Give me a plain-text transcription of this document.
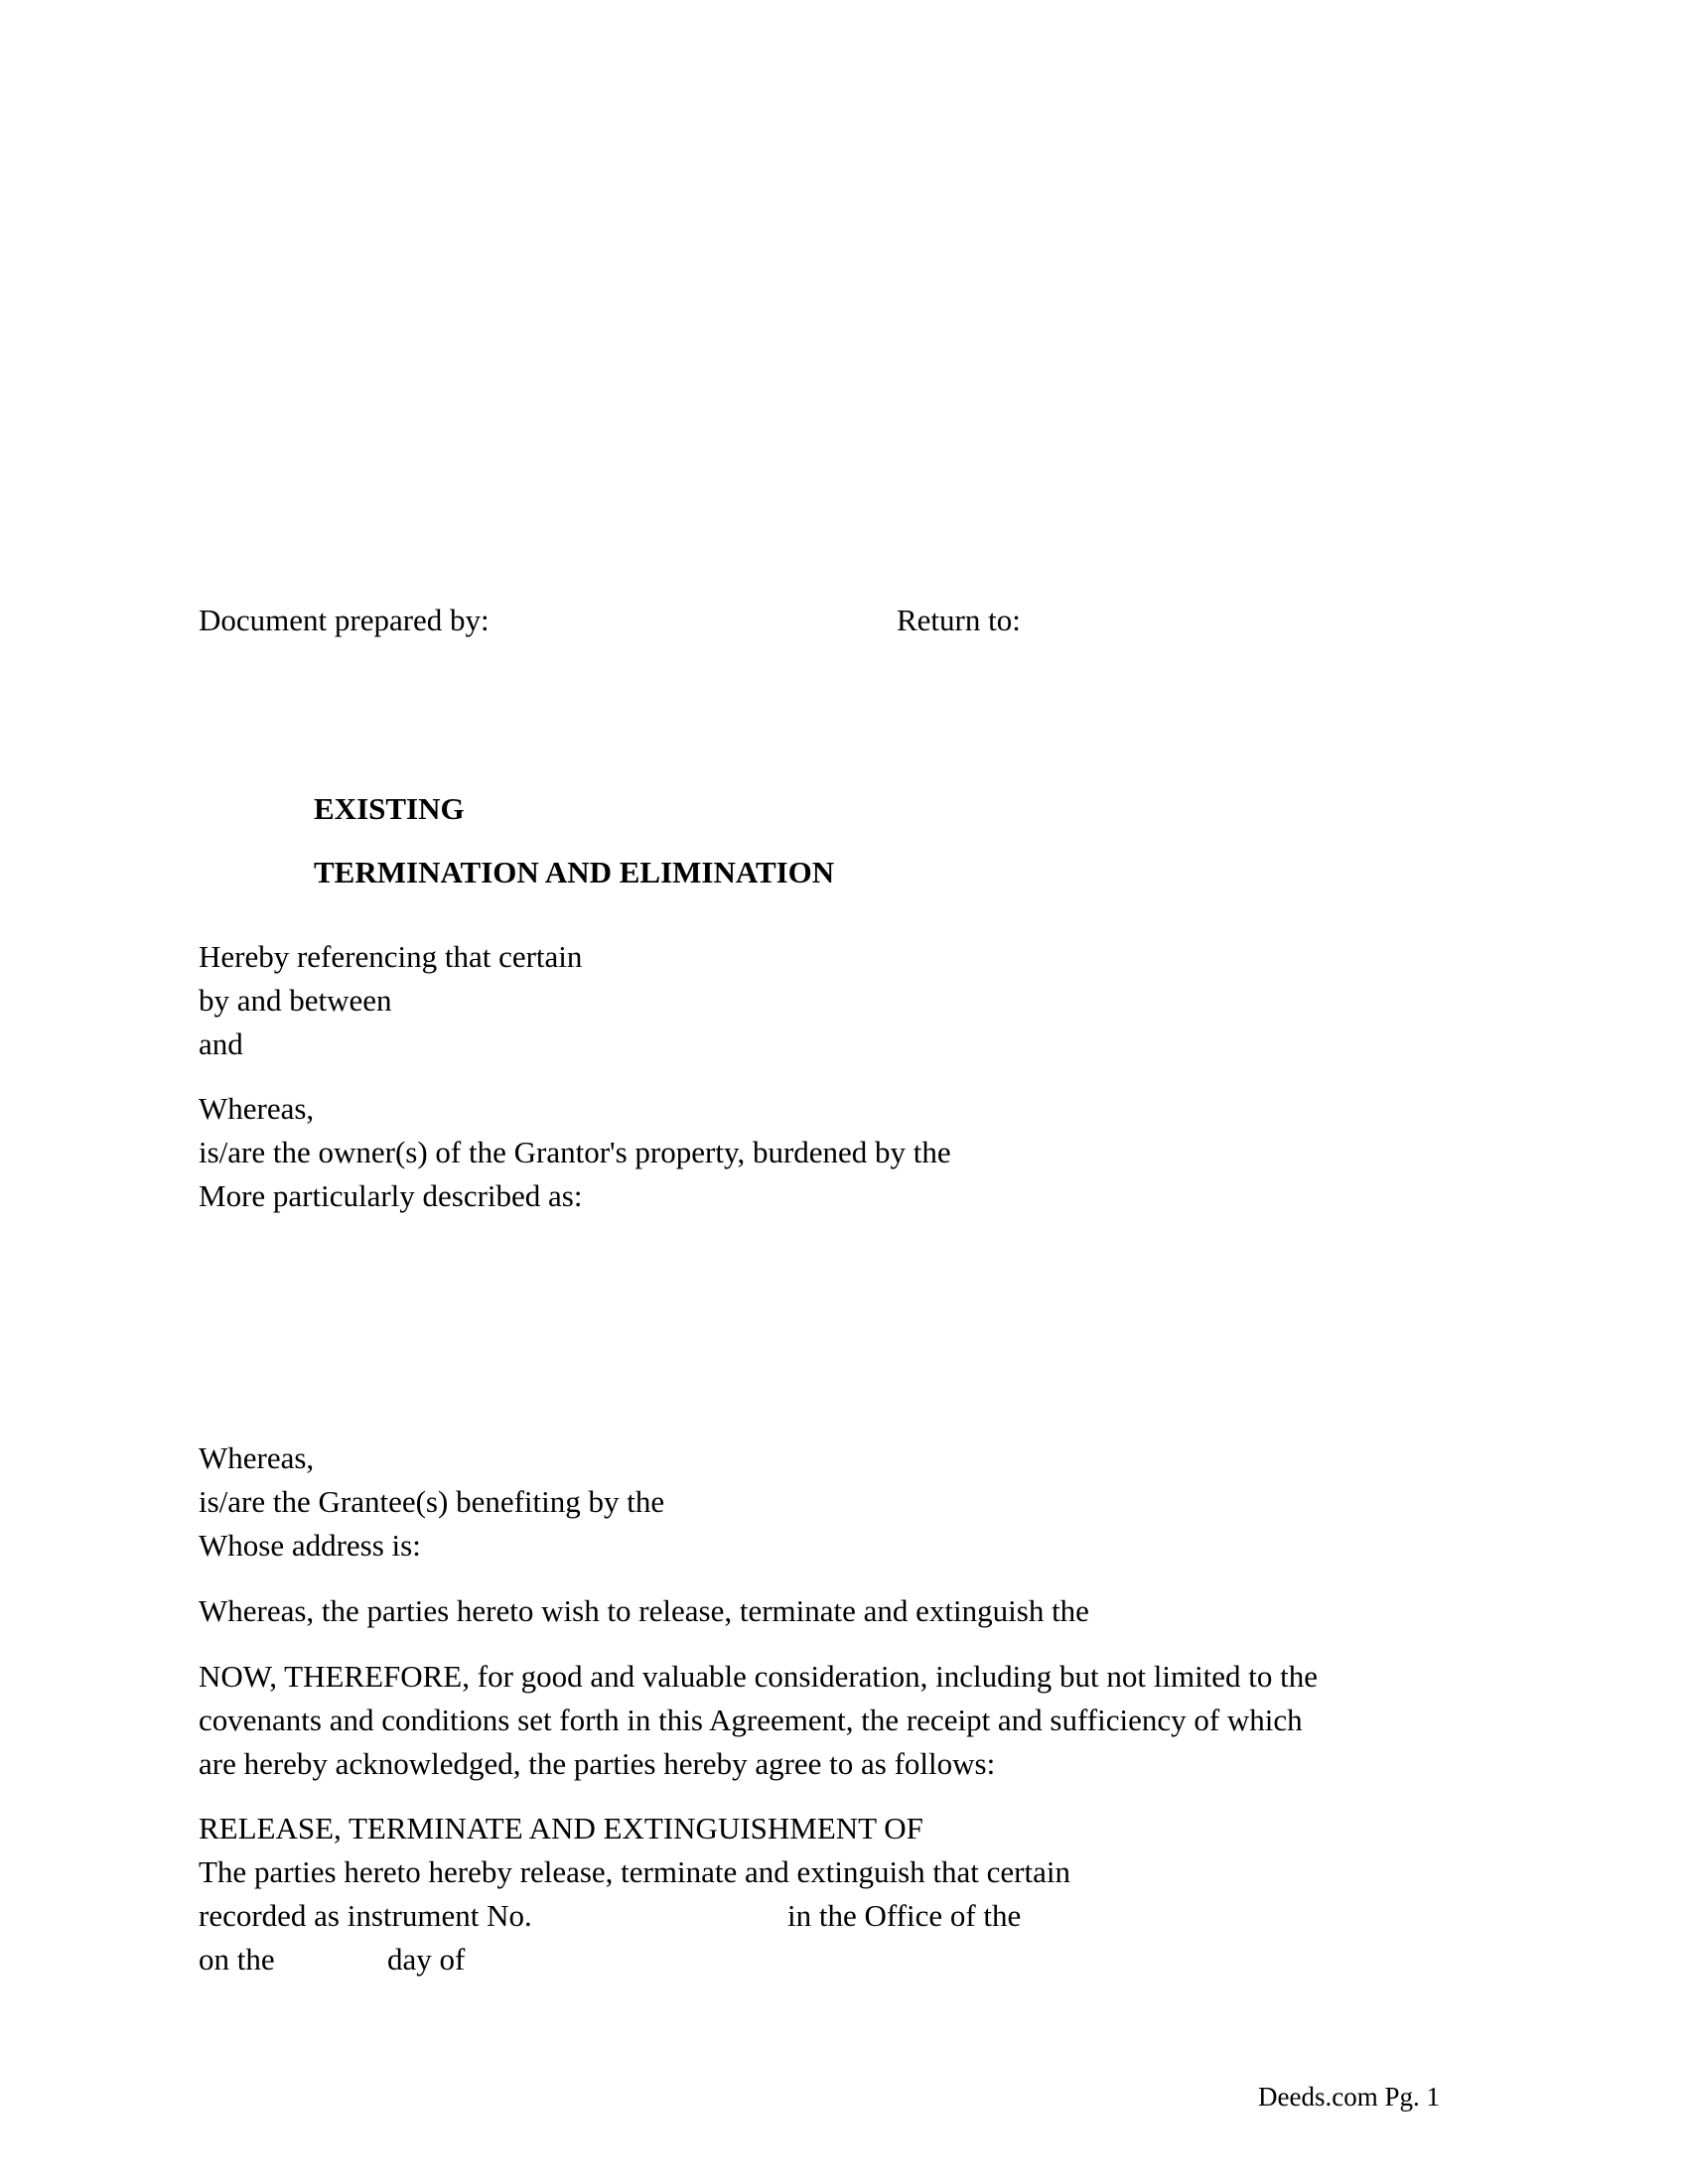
Document prepared by:	Return to:
EXISTING
TERMINATION AND ELIMINATION
Hereby referencing that certain
by and between
and
Whereas,
is/are the owner(s) of the Grantor's property, burdened by the
More particularly described as:
Whereas,
is/are the Grantee(s) benefiting by the
Whose address is:
Whereas, the parties hereto wish to release, terminate and extinguish the
NOW, THEREFORE, for good and valuable consideration, including but not limited to the
covenants and conditions set forth in this Agreement, the receipt and sufficiency of which
are hereby acknowledged, the parties hereby agree to as follows:
RELEASE, TERMINATE AND EXTINGUISHMENT OF
The parties hereto hereby release, terminate and extinguish that certain
recorded as instrument No.	in the Office of the
on the	day of
Deeds.com Pg. 1
